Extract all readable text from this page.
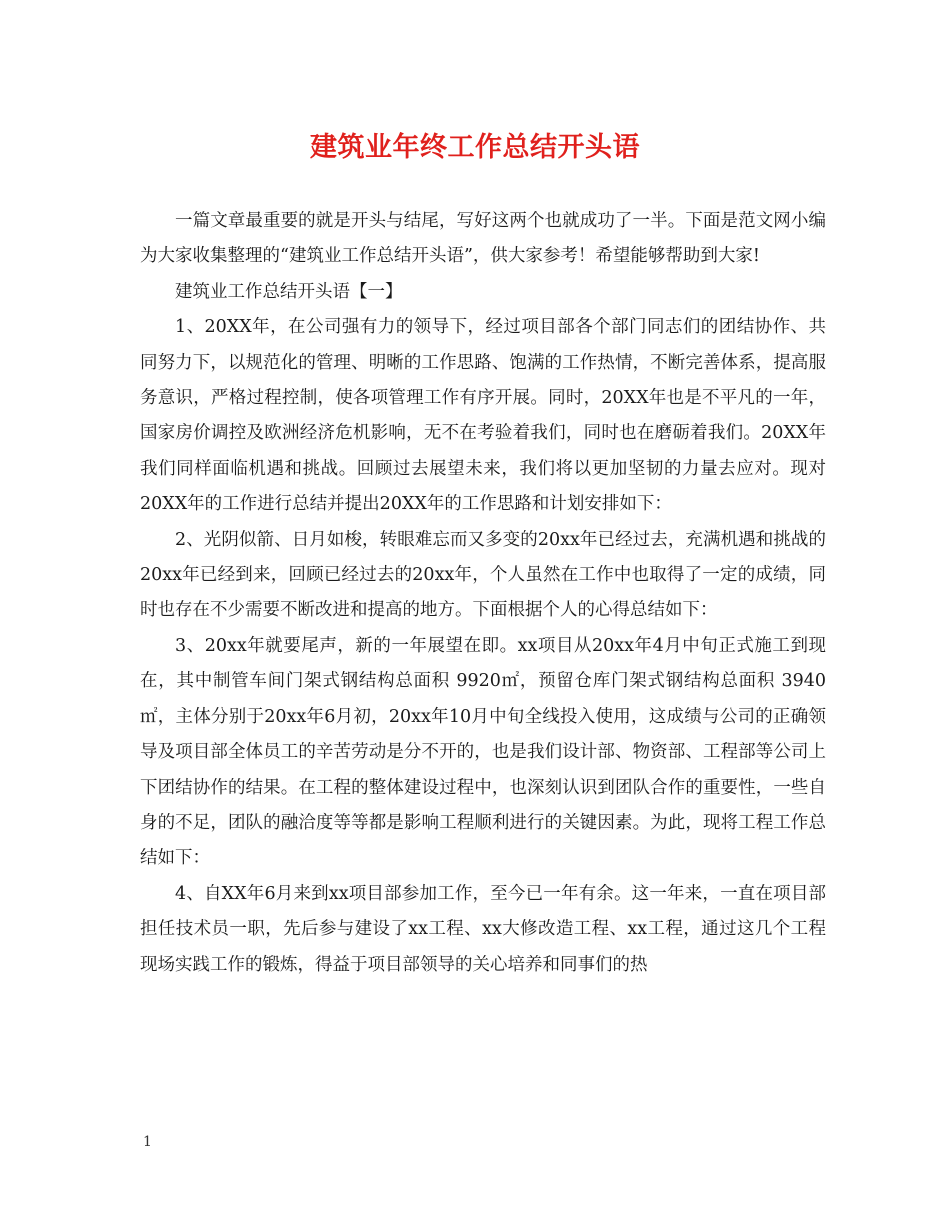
建筑业年终工作总结开头语

一篇文章最重要的就是开头与结尾，写好这两个也就成功了一半。下面是范文网小编为大家收集整理的“建筑业工作总结开头语”，供大家参考！希望能够帮助到大家!

建筑业工作总结开头语【一】

1、20XX年，在公司强有力的领导下，经过项目部各个部门同志们的团结协作、共同努力下，以规范化的管理、明晰的工作思路、饱满的工作热情，不断完善体系，提高服务意识，严格过程控制，使各项管理工作有序开展。同时，20XX年也是不平凡的一年，国家房价调控及欧洲经济危机影响，无不在考验着我们，同时也在磨砺着我们。20XX年我们同样面临机遇和挑战。回顾过去展望未来，我们将以更加坚韧的力量去应对。现对20XX年的工作进行总结并提出20XX年的工作思路和计划安排如下：

2、光阴似箭、日月如梭，转眼难忘而又多变的20xx年已经过去，充满机遇和挑战的20xx年已经到来，回顾已经过去的20xx年，个人虽然在工作中也取得了一定的成绩，同时也存在不少需要不断改进和提高的地方。下面根据个人的心得总结如下：

3、20xx年就要尾声，新的一年展望在即。xx项目从20xx年4月中旬正式施工到现在，其中制管车间门架式钢结构总面积 9920㎡，预留仓库门架式钢结构总面积 3940㎡，主体分别于20xx年6月初，20xx年10月中旬全线投入使用，这成绩与公司的正确领导及项目部全体员工的辛苦劳动是分不开的，也是我们设计部、物资部、工程部等公司上下团结协作的结果。在工程的整体建设过程中，也深刻认识到团队合作的重要性，一些自身的不足，团队的融洽度等等都是影响工程顺利进行的关键因素。为此，现将工程工作总结如下：

4、自XX年6月来到xx项目部参加工作，至今已一年有余。这一年来，一直在项目部担任技术员一职，先后参与建设了xx工程、xx大修改造工程、xx工程，通过这几个工程现场实践工作的锻炼，得益于项目部领导的关心培养和同事们的热

1
